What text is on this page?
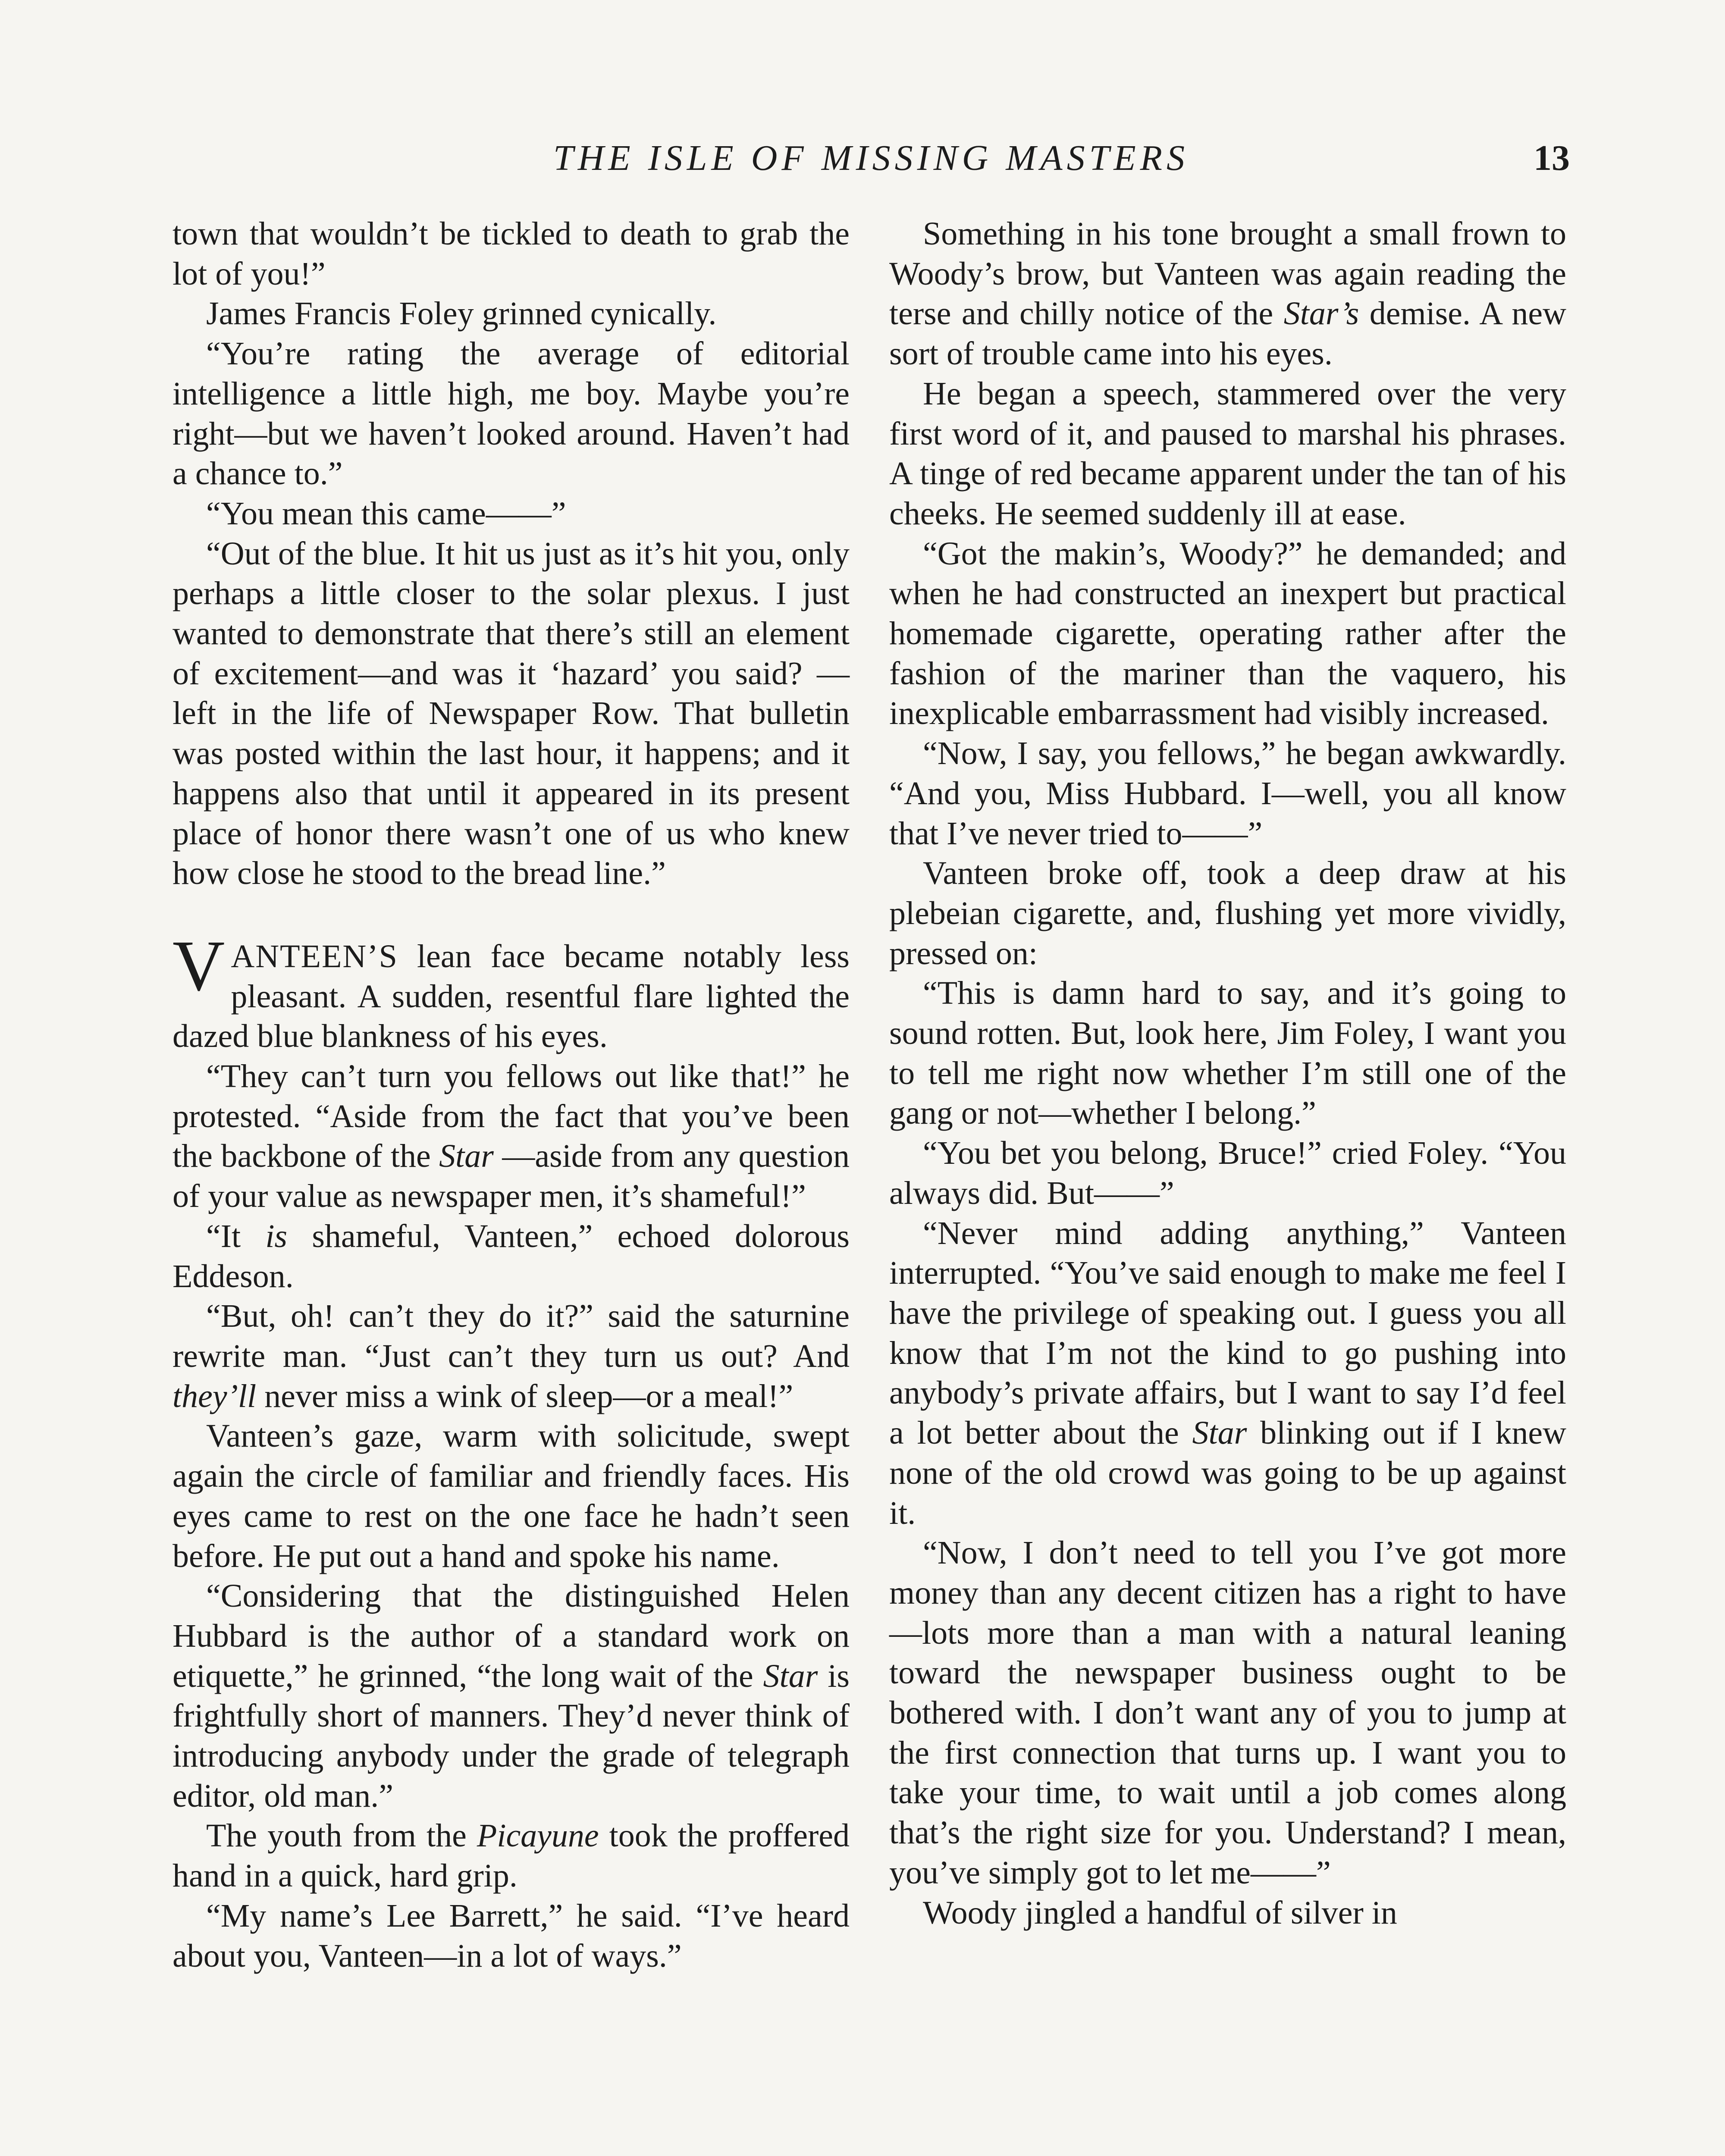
THE ISLE OF MISSING MASTERS	13

town that wouldn’t be tickled to death to grab the lot of you!”

James Francis Foley grinned cynically.

“You’re rating the average of editorial intelligence a little high, me boy. Maybe you’re right—but we haven’t looked around. Haven’t had a chance to.”

“You mean this came——”

“Out of the blue. It hit us just as it’s hit you, only perhaps a little closer to the solar plexus. I just wanted to demonstrate that there’s still an element of excitement—and was it ‘hazard’ you said? —left in the life of Newspaper Row. That bulletin was posted within the last hour, it happens; and it happens also that until it appeared in its present place of honor there wasn’t one of us who knew how close he stood to the bread line.”

VANTEEN’S lean face became notably less pleasant. A sudden, resentful flare lighted the dazed blue blankness of his eyes.

“They can’t turn you fellows out like that!” he protested. “Aside from the fact that you’ve been the backbone of the Star —aside from any question of your value as newspaper men, it’s shameful!”

“It is shameful, Vanteen,” echoed dolorous Eddeson.

“But, oh! can’t they do it?” said the saturnine rewrite man. “Just can’t they turn us out? And they’ll never miss a wink of sleep—or a meal!”

Vanteen’s gaze, warm with solicitude, swept again the circle of familiar and friendly faces. His eyes came to rest on the one face he hadn’t seen before. He put out a hand and spoke his name.

“Considering that the distinguished Helen Hubbard is the author of a standard work on etiquette,” he grinned, “the long wait of the Star is frightfully short of manners. They’d never think of introducing anybody under the grade of telegraph editor, old man.”

The youth from the Picayune took the proffered hand in a quick, hard grip.

“My name’s Lee Barrett,” he said. “I’ve heard about you, Vanteen—in a lot of ways.”

Something in his tone brought a small frown to Woody’s brow, but Vanteen was again reading the terse and chilly notice of the Star’s demise. A new sort of trouble came into his eyes.

He began a speech, stammered over the very first word of it, and paused to marshal his phrases. A tinge of red became apparent under the tan of his cheeks. He seemed suddenly ill at ease.

“Got the makin’s, Woody?” he demanded; and when he had constructed an inexpert but practical homemade cigarette, operating rather after the fashion of the mariner than the vaquero, his inexplicable embarrassment had visibly increased.

“Now, I say, you fellows,” he began awkwardly. “And you, Miss Hubbard. I—well, you all know that I’ve never tried to——”

Vanteen broke off, took a deep draw at his plebeian cigarette, and, flushing yet more vividly, pressed on:

“This is damn hard to say, and it’s going to sound rotten. But, look here, Jim Foley, I want you to tell me right now whether I’m still one of the gang or not—whether I belong.”

“You bet you belong, Bruce!” cried Foley. “You always did. But——”

“Never mind adding anything,” Vanteen interrupted. “You’ve said enough to make me feel I have the privilege of speaking out. I guess you all know that I’m not the kind to go pushing into anybody’s private affairs, but I want to say I’d feel a lot better about the Star blinking out if I knew none of the old crowd was going to be up against it.

“Now, I don’t need to tell you I’ve got more money than any decent citizen has a right to have—lots more than a man with a natural leaning toward the newspaper business ought to be bothered with. I don’t want any of you to jump at the first connection that turns up. I want you to take your time, to wait until a job comes along that’s the right size for you. Understand? I mean, you’ve simply got to let me——”

Woody jingled a handful of silver in
